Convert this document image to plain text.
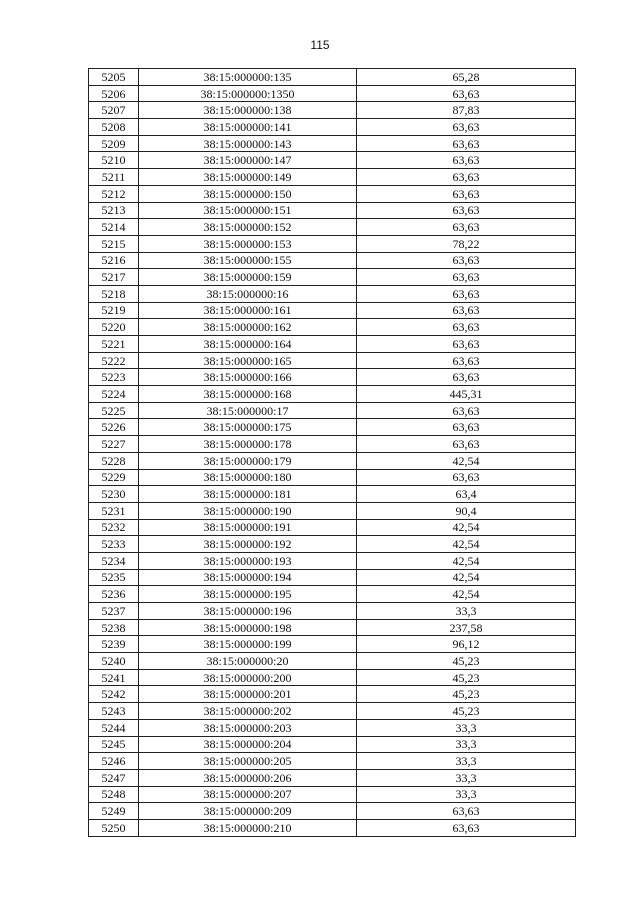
115
5205	38:15:000000:135	65,28
5206	38:15:000000:1350	63,63
5207	38:15:000000:138	87,83
5208	38:15:000000:141	63,63
5209	38:15:000000:143	63,63
5210	38:15:000000:147	63,63
5211	38:15:000000:149	63,63
5212	38:15:000000:150	63,63
5213	38:15:000000:151	63,63
5214	38:15:000000:152	63,63
5215	38:15:000000:153	78,22
5216	38:15:000000:155	63,63
5217	38:15:000000:159	63,63
5218	38:15:000000:16	63,63
5219	38:15:000000:161	63,63
5220	38:15:000000:162	63,63
5221	38:15:000000:164	63,63
5222	38:15:000000:165	63,63
5223	38:15:000000:166	63,63
5224	38:15:000000:168	445,31
5225	38:15:000000:17	63,63
5226	38:15:000000:175	63,63
5227	38:15:000000:178	63,63
5228	38:15:000000:179	42,54
5229	38:15:000000:180	63,63
5230	38:15:000000:181	63,4
5231	38:15:000000:190	90,4
5232	38:15:000000:191	42,54
5233	38:15:000000:192	42,54
5234	38:15:000000:193	42,54
5235	38:15:000000:194	42,54
5236	38:15:000000:195	42,54
5237	38:15:000000:196	33,3
5238	38:15:000000:198	237,58
5239	38:15:000000:199	96,12
5240	38:15:000000:20	45,23
5241	38:15:000000:200	45,23
5242	38:15:000000:201	45,23
5243	38:15:000000:202	45,23
5244	38:15:000000:203	33,3
5245	38:15:000000:204	33,3
5246	38:15:000000:205	33,3
5247	38:15:000000:206	33,3
5248	38:15:000000:207	33,3
5249	38:15:000000:209	63,63
5250	38:15:000000:210	63,63
